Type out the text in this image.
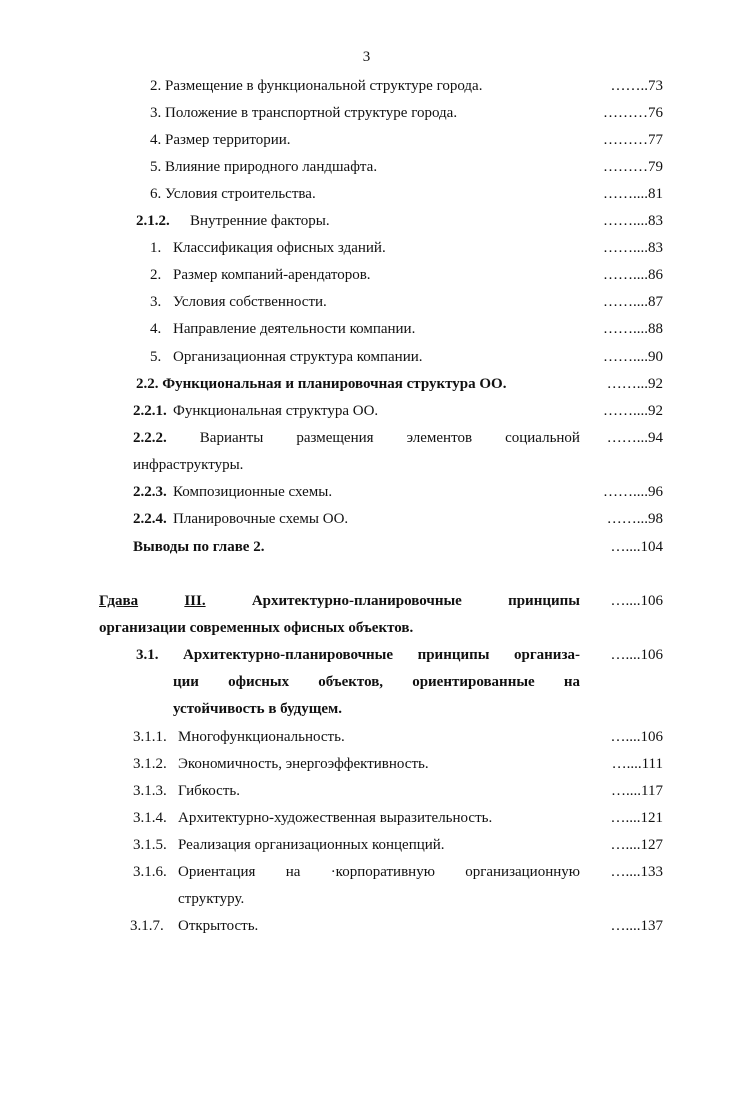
3
2. Размещение в функциональной структуре города.	……..73
3. Положение в транспортной структуре города.	………76
4. Размер территории.	………77
5. Влияние природного ландшафта.	………79
6. Условия строительства.	……....81
2.1.2. Внутренние факторы.	……....83
1. Классификация офисных зданий.	……....83
2. Размер компаний-арендаторов.	……....86
3. Условия собственности.	……....87
4. Направление деятельности компании.	……....88
5. Организационная структура компании.	……....90
2.2. Функциональная и планировочная структура ОО.	……...92
2.2.1. Функциональная структура ОО.	……....92
2.2.2. Варианты размещения элементов социальной	……...94
инфраструктуры.
2.2.3. Композиционные схемы.	……....96
2.2.4. Планировочные схемы ОО.	……...98
Выводы по главе 2.	…....104
Гдава	III.	Архитектурно-планировочные	принципы	…....106
организации современных офисных объектов.
3.1. Архитектурно-планировочные принципы организа-	…....106
ции офисных объектов, ориентированные на
устойчивость в будущем.
3.1.1. Многофункциональность.	…....106
3.1.2. Экономичность, энергоэффективность.	…....111
3.1.3. Гибкость.	…....117
3.1.4. Архитектурно-художественная выразительность.	…....121
3.1.5. Реализация организационных концепций.	…....127
3.1.6. Ориентация на ·корпоративную организационную	…....133
структуру.
3.1.7. Открытость.	…....137
